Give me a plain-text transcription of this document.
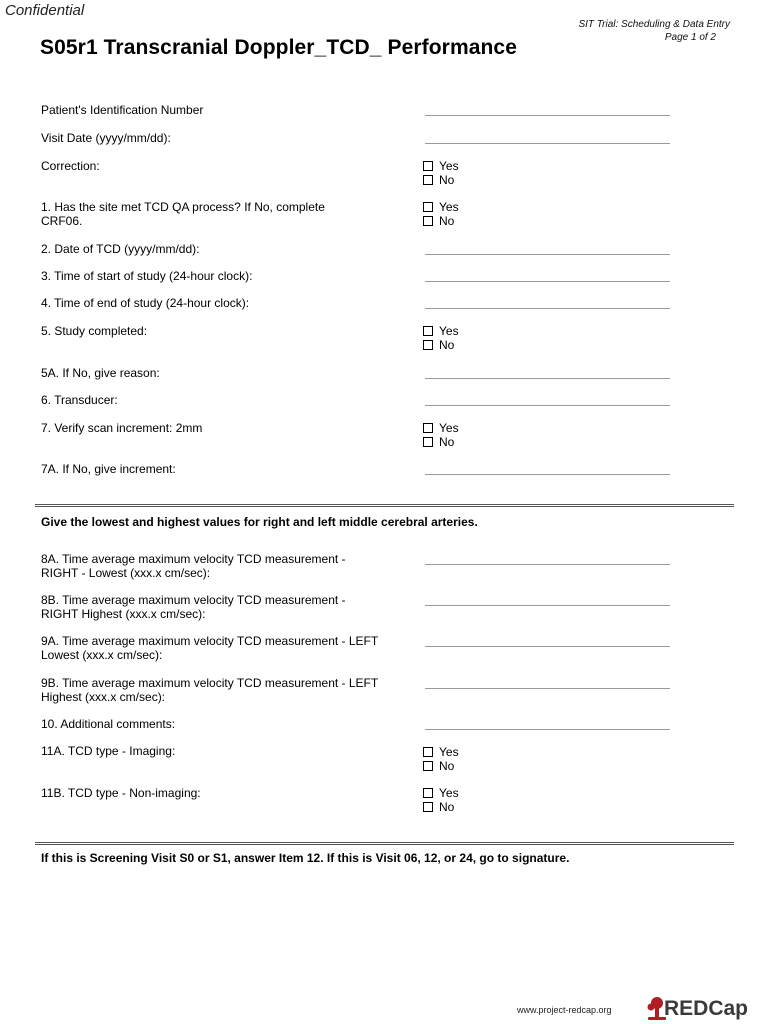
Confidential
SIT Trial: Scheduling & Data Entry
Page 1 of 2
S05r1 Transcranial Doppler_TCD_ Performance
Patient's Identification Number
Visit Date (yyyy/mm/dd):
Correction:	Yes
No
1. Has the site met TCD QA process? If No, complete CRF06.
Yes
No
2. Date of TCD (yyyy/mm/dd):
3. Time of start of study (24-hour clock):
4. Time of end of study (24-hour clock):
5. Study completed:	Yes
No
5A. If No, give reason:
6. Transducer:
7. Verify scan increment: 2mm	Yes
No
7A. If No, give increment:
Give the lowest and highest values for right and left middle cerebral arteries.
8A. Time average maximum velocity TCD measurement - RIGHT - Lowest (xxx.x cm/sec):
8B. Time average maximum velocity TCD measurement - RIGHT Highest (xxx.x cm/sec):
9A. Time average maximum velocity TCD measurement - LEFT Lowest (xxx.x cm/sec):
9B. Time average maximum velocity TCD measurement - LEFT Highest (xxx.x cm/sec):
10. Additional comments:
11A. TCD type - Imaging:	Yes
No
11B. TCD type - Non-imaging:	Yes
No
If this is Screening Visit S0 or S1, answer Item 12. If this is Visit 06, 12, or 24, go to signature.
www.project-redcap.org REDCap
